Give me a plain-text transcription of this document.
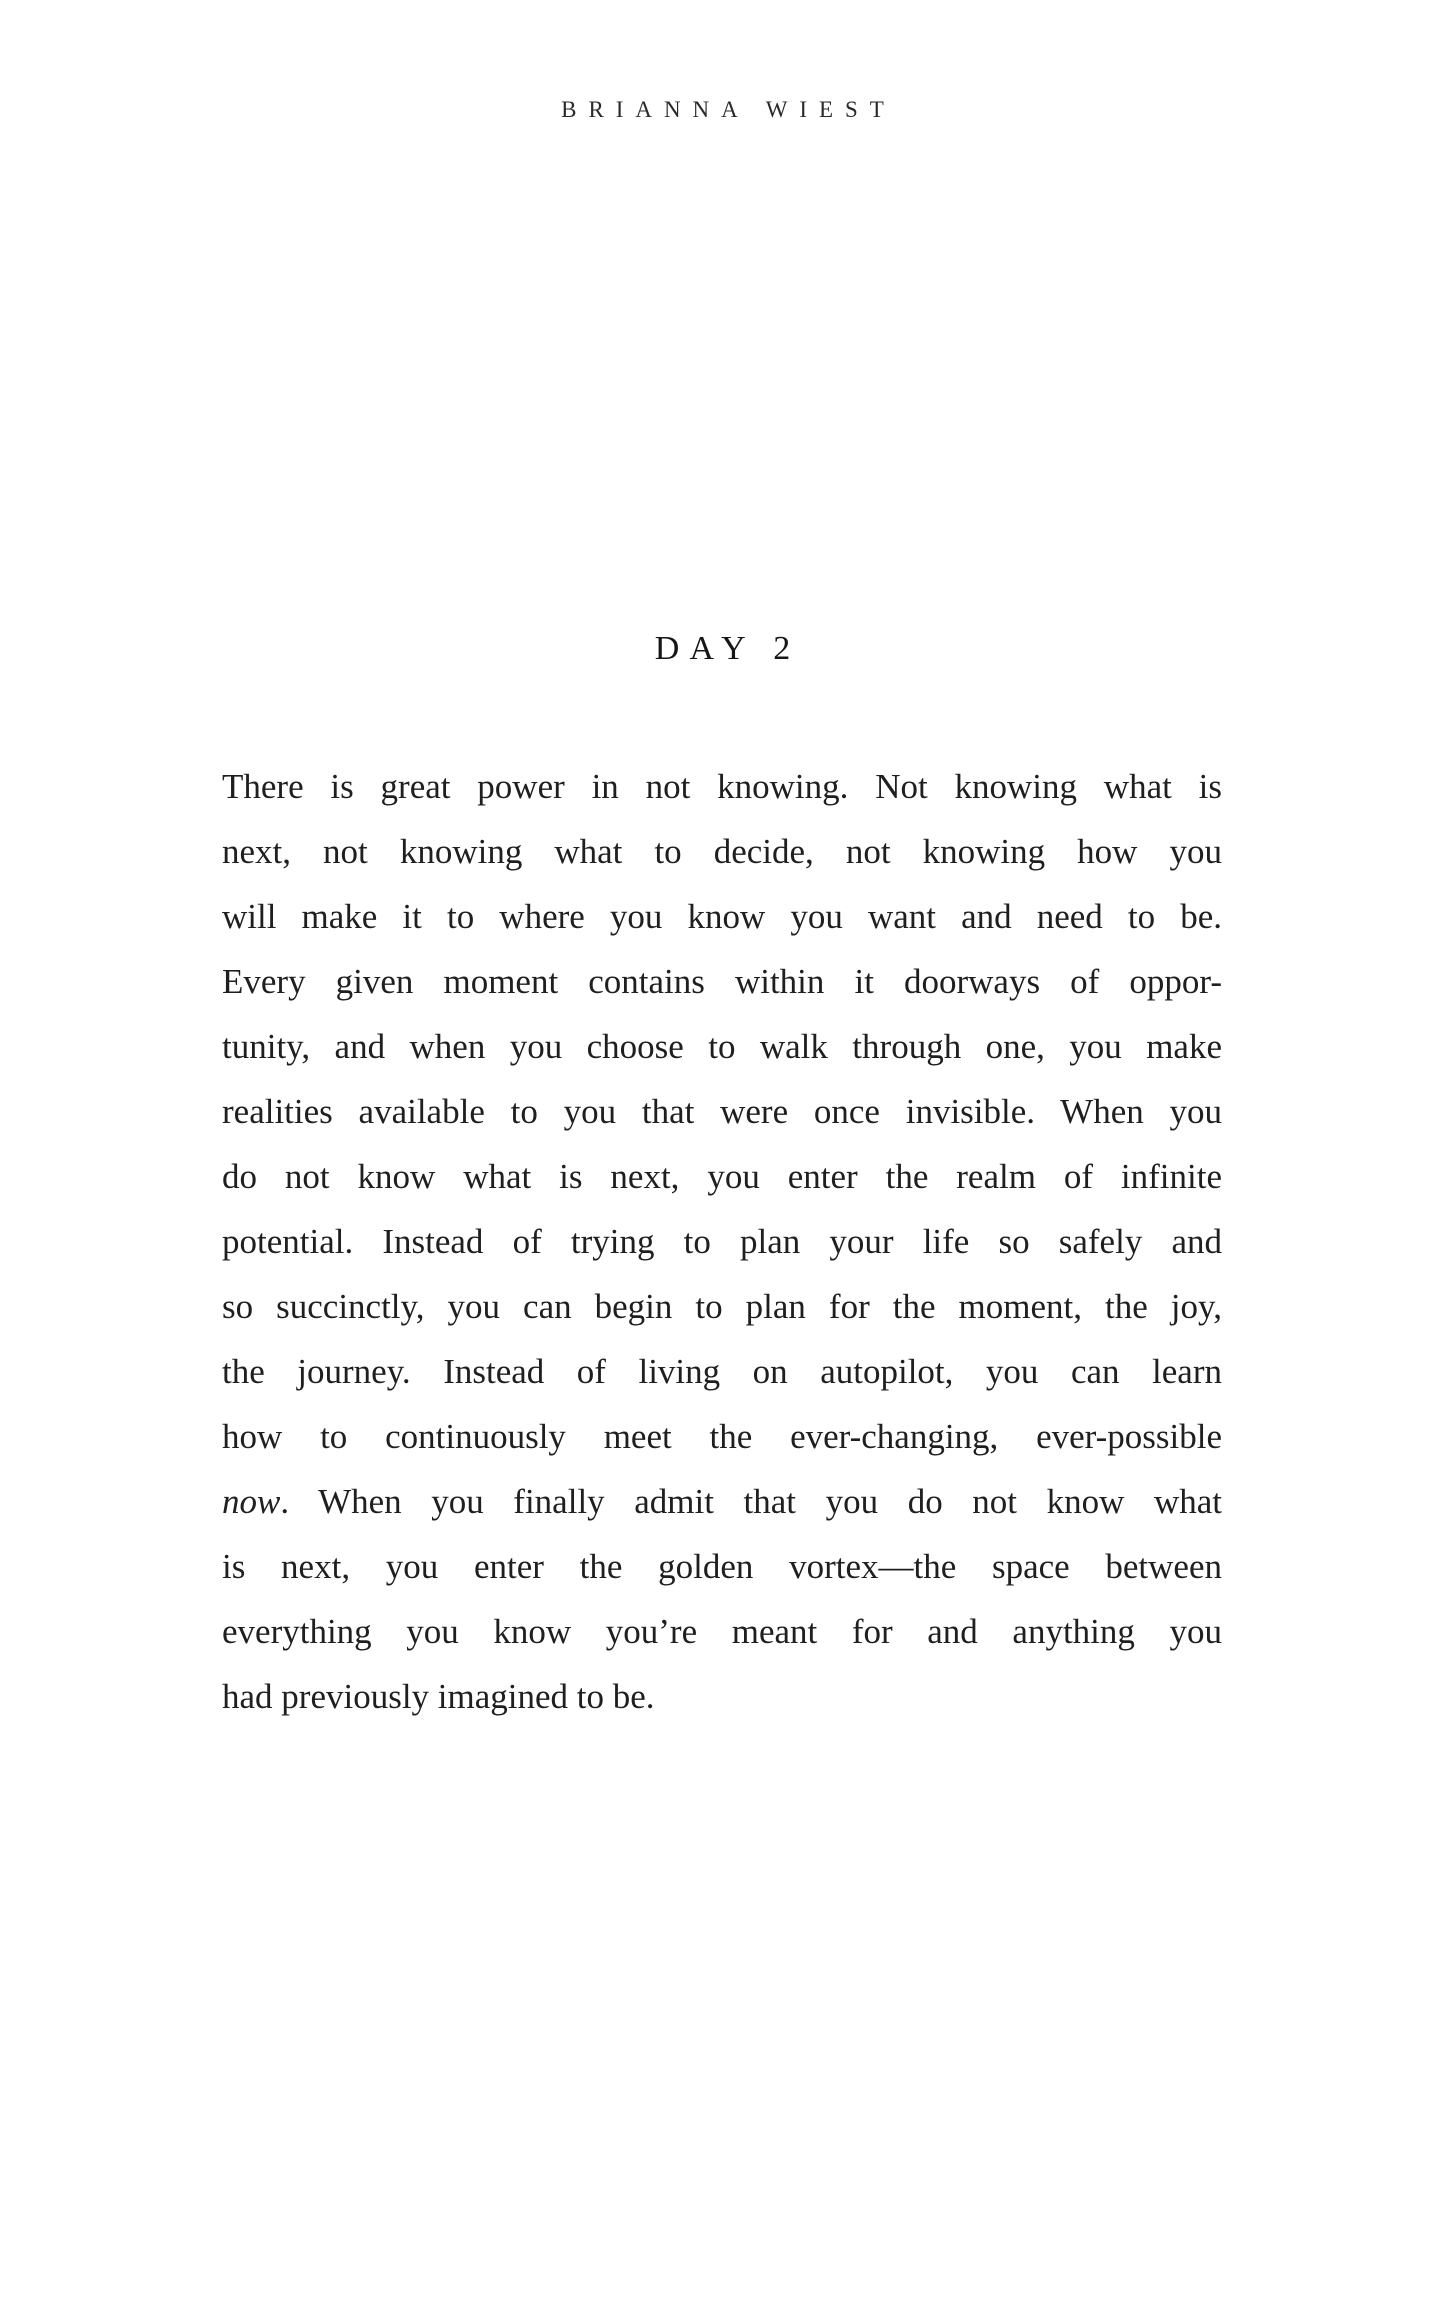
BRIANNA WIEST
DAY 2
There is great power in not knowing. Not knowing what is
next, not knowing what to decide, not knowing how you
will make it to where you know you want and need to be.
Every given moment contains within it doorways of oppor-
tunity, and when you choose to walk through one, you make
realities available to you that were once invisible. When you
do not know what is next, you enter the realm of infinite
potential. Instead of trying to plan your life so safely and
so succinctly, you can begin to plan for the moment, the joy,
the journey. Instead of living on autopilot, you can learn
how to continuously meet the ever-changing, ever-possible
now. When you finally admit that you do not know what
is next, you enter the golden vortex—the space between
everything you know you’re meant for and anything you
had previously imagined to be.
